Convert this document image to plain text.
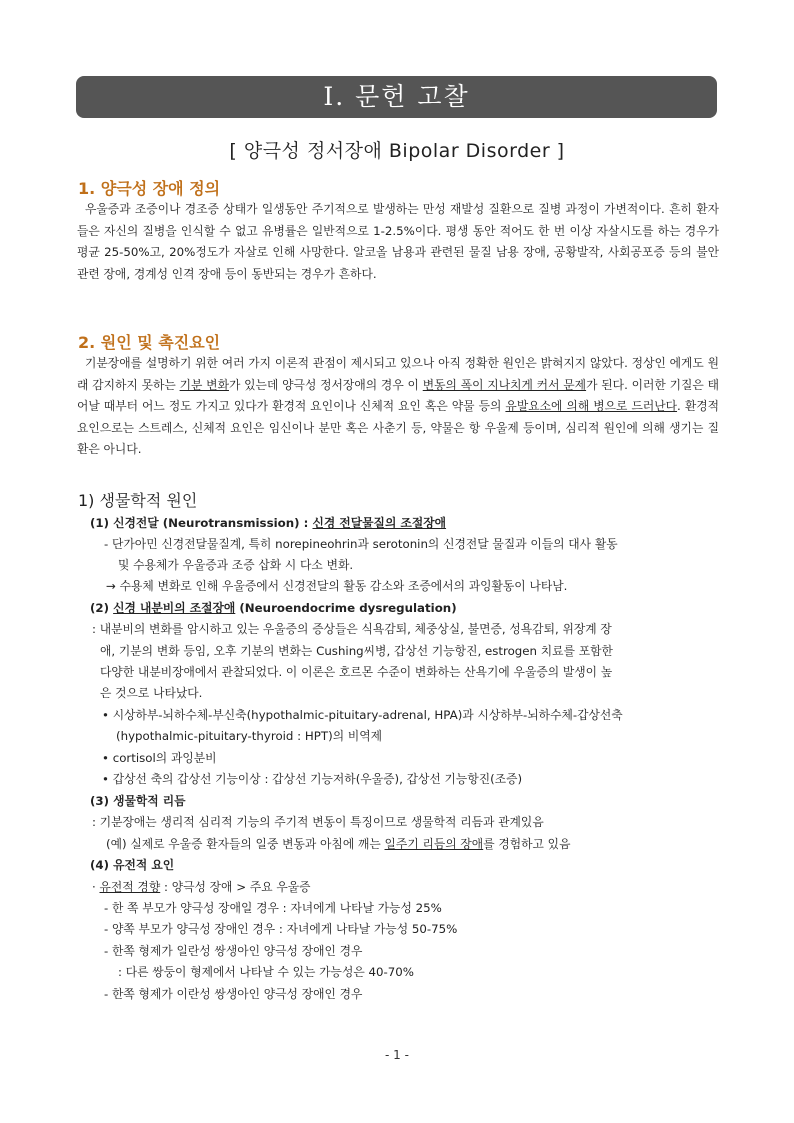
Ⅰ. 문헌 고찰
[ 양극성 정서장애 Bipolar Disorder ]
1. 양극성 장애 정의
우울증과 조증이나 경조증 상태가 일생동안 주기적으로 발생하는 만성 재발성 질환으로 질병 과정이 가변적이다. 흔히 환자들은 자신의 질병을 인식할 수 없고 유병률은 일반적으로 1-2.5%이다. 평생 동안 적어도 한 번 이상 자살시도를 하는 경우가 평균 25-50%고, 20%정도가 자살로 인해 사망한다. 알코올 남용과 관련된 물질 남용 장애, 공황발작, 사회공포증 등의 불안 관련 장애, 경계성 인격 장애 등이 동반되는 경우가 흔하다.
2. 원인 및 촉진요인
기분장애를 설명하기 위한 여러 가지 이론적 관점이 제시되고 있으나 아직 정확한 원인은 밝혀지지 않았다. 정상인 에게도 원래 감지하지 못하는 기분 변화가 있는데 양극성 정서장애의 경우 이 변동의 폭이 지나치게 커서 문제가 된다. 이러한 기질은 태어날 때부터 어느 정도 가지고 있다가 환경적 요인이나 신체적 요인 혹은 약물 등의 유발요소에 의해 병으로 드러난다. 환경적 요인으로는 스트레스, 신체적 요인은 임신이나 분만 혹은 사춘기 등, 약물은 항 우울제 등이며, 심리적 원인에 의해 생기는 질환은 아니다.
1) 생물학적 원인
(1) 신경전달 (Neurotransmission) : 신경 전달물질의 조절장애
- 단가아민 신경전달물질계, 특히 norepineohrin과 serotonin의 신경전달 물질과 이들의 대사 활동
및 수용체가 우울증과 조증 삽화 시 다소 변화.
→ 수용체 변화로 인해 우울증에서 신경전달의 활동 감소와 조증에서의 과잉활동이 나타남.
(2) 신경 내분비의 조절장애 (Neuroendocrime dysregulation)
: 내분비의 변화를 암시하고 있는 우울증의 증상들은 식욕감퇴, 체중상실, 불면증, 성욕감퇴, 위장계 장
애, 기분의 변화 등임, 오후 기분의 변화는 Cushing씨병, 갑상선 기능항진, estrogen 치료를 포함한
다양한 내분비장애에서 관찰되었다. 이 이론은 호르몬 수준이 변화하는 산욕기에 우울증의 발생이 높
은 것으로 나타났다.
• 시상하부-뇌하수체-부신축(hypothalmic-pituitary-adrenal, HPA)과 시상하부-뇌하수체-갑상선축
(hypothalmic-pituitary-thyroid : HPT)의 비역제
• cortisol의 과잉분비
• 갑상선 축의 갑상선 기능이상 : 갑상선 기능저하(우울증), 갑상선 기능항진(조증)
(3) 생물학적 리듬
: 기분장애는 생리적 심리적 기능의 주기적 변동이 특징이므로 생물학적 리듬과 관계있음
(예) 실제로 우울증 환자들의 일중 변동과 아침에 깨는 일주기 리듬의 장애를 경험하고 있음
(4) 유전적 요인
· 유전적 경향 : 양극성 장애 > 주요 우울증
- 한 쪽 부모가 양극성 장애일 경우 : 자녀에게 나타날 가능성 25%
- 양쪽 부모가 양극성 장애인 경우 : 자녀에게 나타날 가능성 50-75%
- 한쪽 형제가 일란성 쌍생아인 양극성 장애인 경우
: 다른 쌍둥이 형제에서 나타날 수 있는 가능성은 40-70%
- 한쪽 형제가 이란성 쌍생아인 양극성 장애인 경우
- 1 -
